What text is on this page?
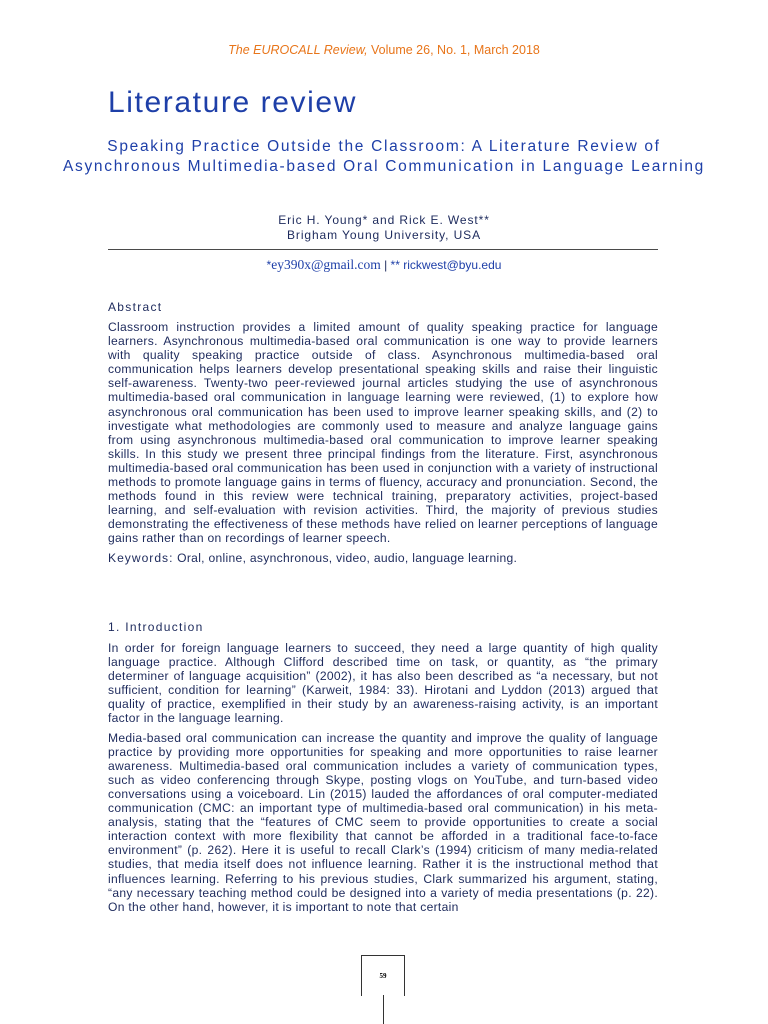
The EUROCALL Review, Volume 26, No. 1, March 2018
Literature review
Speaking Practice Outside the Classroom: A Literature Review of Asynchronous Multimedia-based Oral Communication in Language Learning
Eric H. Young* and Rick E. West**
Brigham Young University, USA
*ey390x@gmail.com | ** rickwest@byu.edu
Abstract

Classroom instruction provides a limited amount of quality speaking practice for language learners. Asynchronous multimedia-based oral communication is one way to provide learners with quality speaking practice outside of class. Asynchronous multimedia-based oral communication helps learners develop presentational speaking skills and raise their linguistic self-awareness. Twenty-two peer-reviewed journal articles studying the use of asynchronous multimedia-based oral communication in language learning were reviewed, (1) to explore how asynchronous oral communication has been used to improve learner speaking skills, and (2) to investigate what methodologies are commonly used to measure and analyze language gains from using asynchronous multimedia-based oral communication to improve learner speaking skills. In this study we present three principal findings from the literature. First, asynchronous multimedia-based oral communication has been used in conjunction with a variety of instructional methods to promote language gains in terms of fluency, accuracy and pronunciation. Second, the methods found in this review were technical training, preparatory activities, project-based learning, and self-evaluation with revision activities. Third, the majority of previous studies demonstrating the effectiveness of these methods have relied on learner perceptions of language gains rather than on recordings of learner speech.

Keywords: Oral, online, asynchronous, video, audio, language learning.

1. Introduction

In order for foreign language learners to succeed, they need a large quantity of high quality language practice. Although Clifford described time on task, or quantity, as “the primary determiner of language acquisition” (2002), it has also been described as “a necessary, but not sufficient, condition for learning” (Karweit, 1984: 33). Hirotani and Lyddon (2013) argued that quality of practice, exemplified in their study by an awareness-raising activity, is an important factor in the language learning.

Media-based oral communication can increase the quantity and improve the quality of language practice by providing more opportunities for speaking and more opportunities to raise learner awareness. Multimedia-based oral communication includes a variety of communication types, such as video conferencing through Skype, posting vlogs on YouTube, and turn-based video conversations using a voiceboard. Lin (2015) lauded the affordances of oral computer-mediated communication (CMC: an important type of multimedia-based oral communication) in his meta-analysis, stating that the “features of CMC seem to provide opportunities to create a social interaction context with more flexibility that cannot be afforded in a traditional face-to-face environment” (p. 262). Here it is useful to recall Clark’s (1994) criticism of many media-related studies, that media itself does not influence learning. Rather it is the instructional method that influences learning. Referring to his previous studies, Clark summarized his argument, stating, “any necessary teaching method could be designed into a variety of media presentations (p. 22). On the other hand, however, it is important to note that certain

59
